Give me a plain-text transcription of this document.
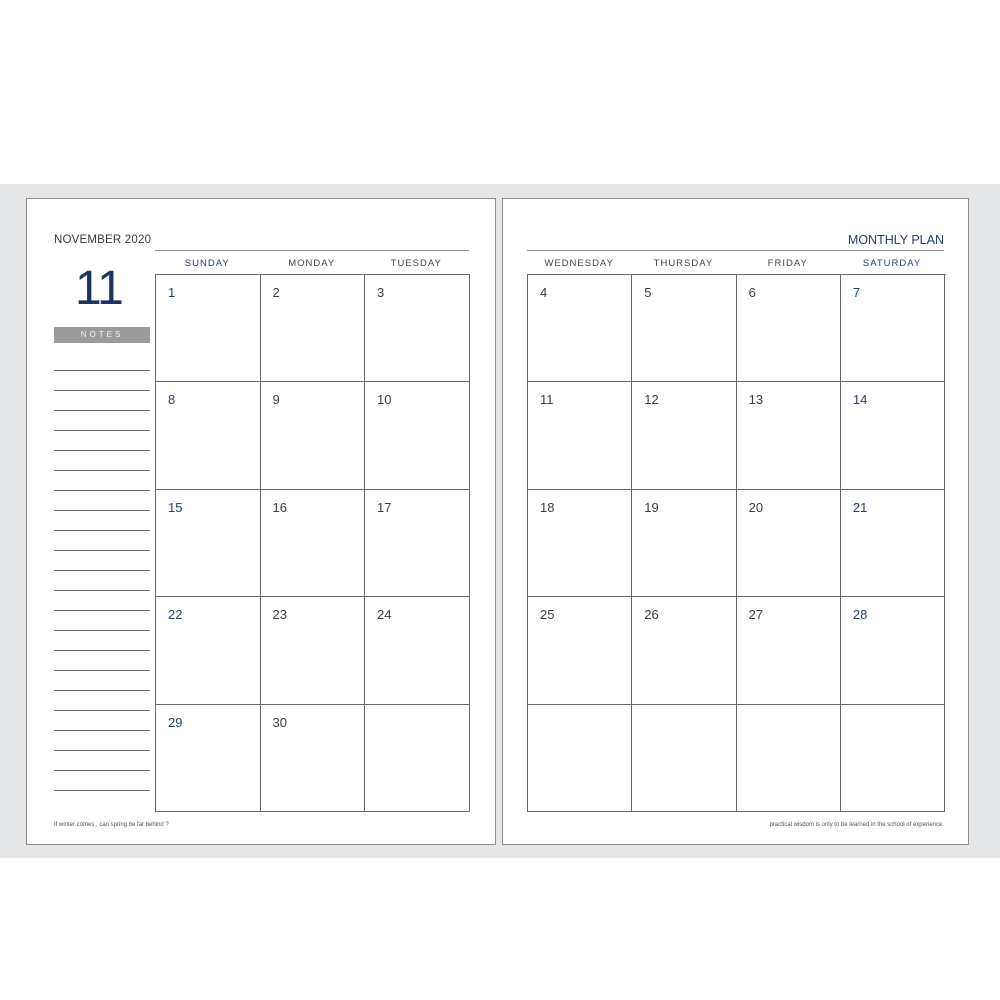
NOVEMBER 2020
11
NOTES
SUNDAY	MONDAY	TUESDAY
1	2	3
8	9	10
15	16	17
22	23	24
29	30
If winter comes , can spring be far behind ?
MONTHLY PLAN
WEDNESDAY	THURSDAY	FRIDAY	SATURDAY
4	5	6	7
11	12	13	14
18	19	20	21
25	26	27	28
practical wisdom is only to be learned in the school of experience.
